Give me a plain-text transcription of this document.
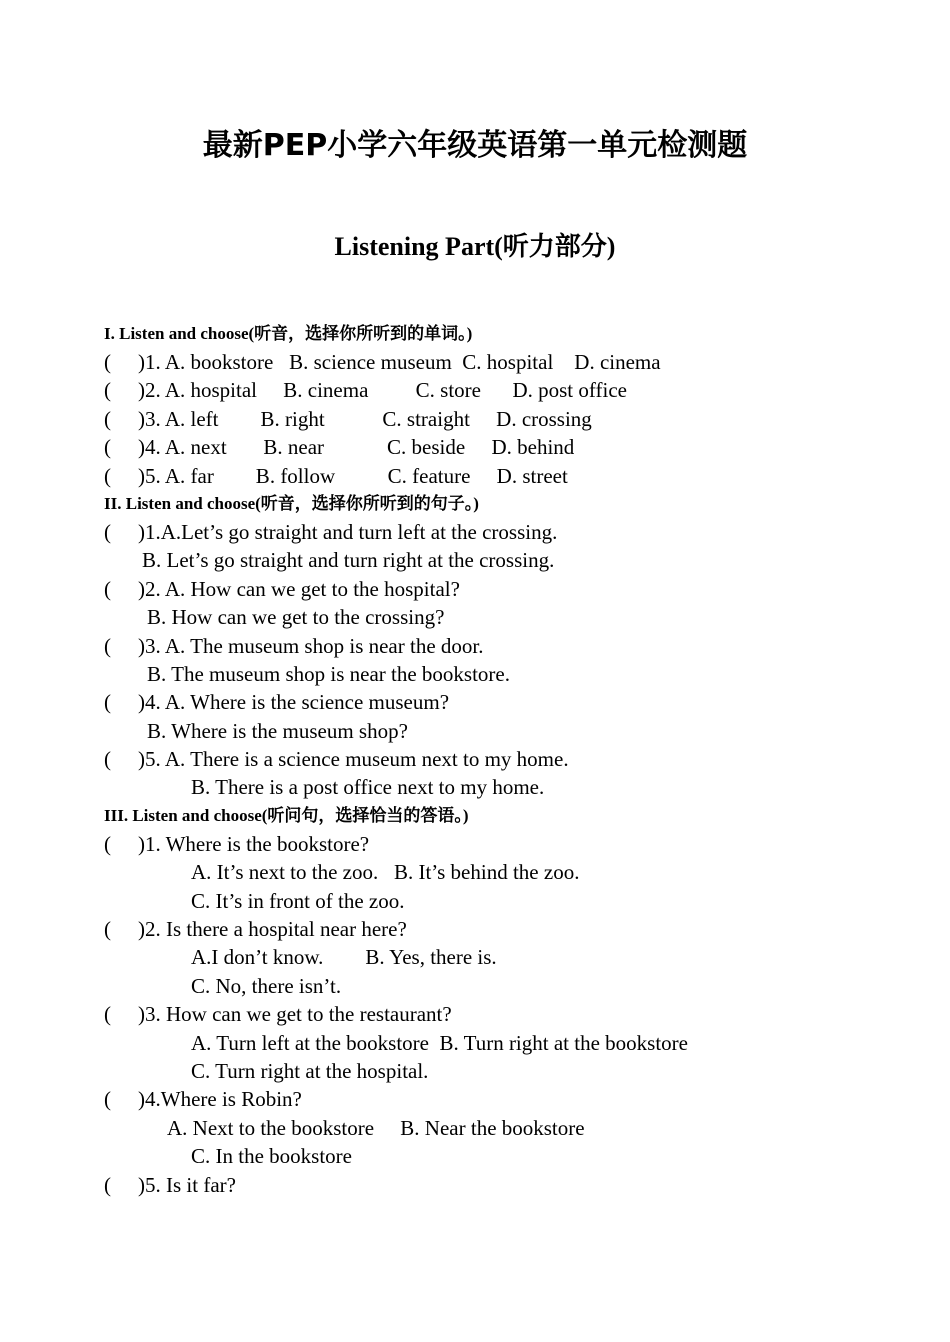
最新PEP小学六年级英语第一单元检测题
Listening Part(听力部分)
I. Listen and choose(听音，选择你所听到的单词。)
(	)1. A. bookstore   B. science museum  C. hospital    D. cinema
(	)2. A. hospital     B. cinema         C. store      D. post office
(	)3. A. left        B. right           C. straight     D. crossing
(	)4. A. next       B. near            C. beside     D. behind
(	)5. A. far        B. follow          C. feature     D. street
II. Listen and choose(听音，选择你所听到的句子。)
(	)1.A.Let’s go straight and turn left at the crossing.
B. Let’s go straight and turn right at the crossing.
(	)2. A. How can we get to the hospital?
B. How can we get to the crossing?
(	)3. A. The museum shop is near the door.
B. The museum shop is near the bookstore.
(	)4. A. Where is the science museum?
B. Where is the museum shop?
(	)5. A. There is a science museum next to my home.
B. There is a post office next to my home.
III. Listen and choose(听问句，选择恰当的答语。)
(	)1. Where is the bookstore?
A. It’s next to the zoo.   B. It’s behind the zoo.
C. It’s in front of the zoo.
(	)2. Is there a hospital near here?
A.I don’t know.        B. Yes, there is.
C. No, there isn’t.
(	)3. How can we get to the restaurant?
A. Turn left at the bookstore  B. Turn right at the bookstore
C. Turn right at the hospital.
(	)4.Where is Robin?
A. Next to the bookstore     B. Near the bookstore
C. In the bookstore
(	)5. Is it far?
